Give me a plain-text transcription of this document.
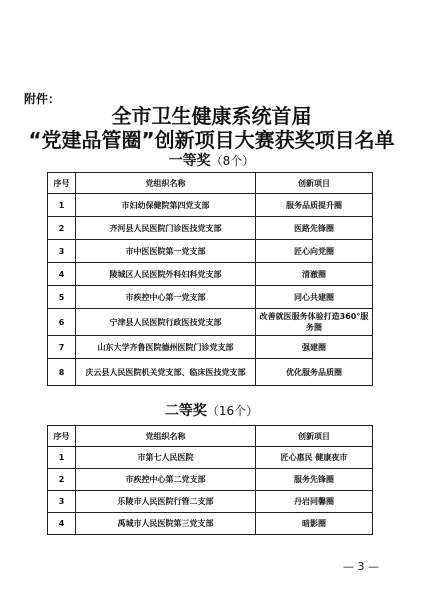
附件：
全市卫生健康系统首届
“党建品管圈”创新项目大赛获奖项目名单
一等奖（8个）
序号	党组织名称	创新项目
1	市妇幼保健院第四党支部	服务品质提升圈
2	齐河县人民医院门诊医技党支部	医路先锋圈
3	市中医医院第一党支部	匠心向党圈
4	陵城区人民医院外科妇科党支部	清澈圈
5	市疾控中心第一党支部	同心共建圈
6	宁津县人民医院行政医技党支部	改善就医服务体验打造360°服务圈
7	山东大学齐鲁医院德州医院门诊党支部	强建圈
8	庆云县人民医院机关党支部、临床医技党支部	优化服务品质圈
二等奖（16个）
序号	党组织名称	创新项目
1	市第七人民医院	匠心惠民 健康夜市
2	市疾控中心第二党支部	服务先锋圈
3	乐陵市人民医院行管二支部	丹岩同馨圈
4	禹城市人民医院第三党支部	暗影圈
— 3 —
